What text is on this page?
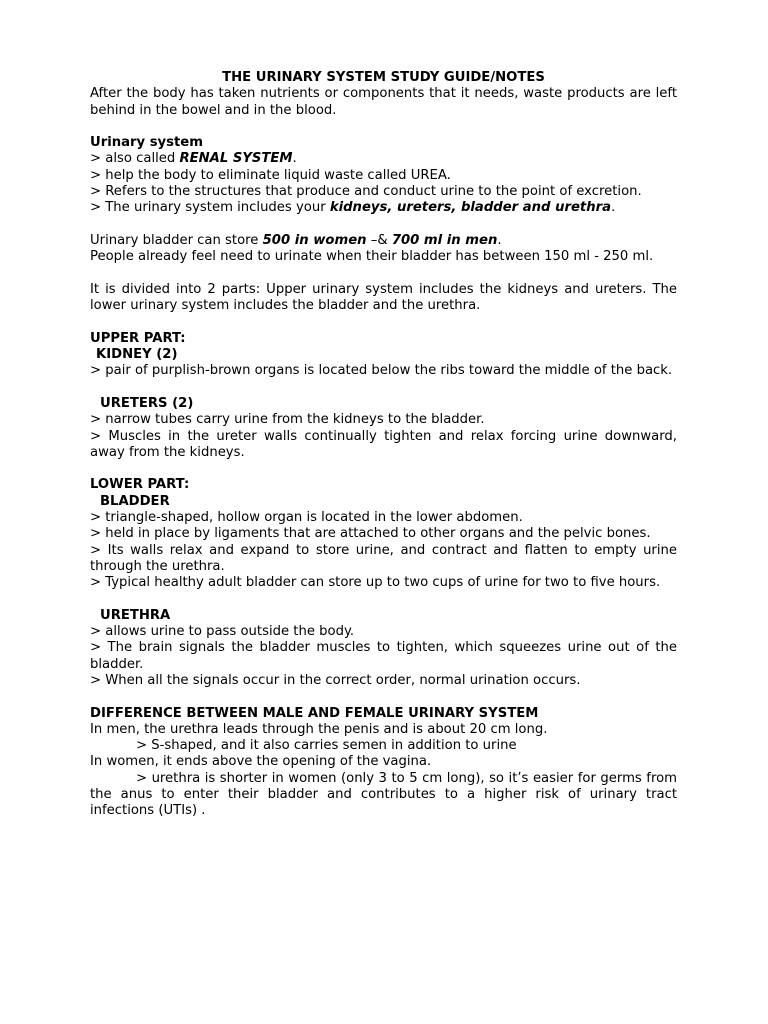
THE URINARY SYSTEM STUDY GUIDE/NOTES

After the body has taken nutrients or components that it needs, waste products are left behind in the bowel and in the blood.

Urinary system

> also called RENAL SYSTEM.

> help the body to eliminate liquid waste called UREA.

> Refers to the structures that produce and conduct urine to the point of excretion.

> The urinary system includes your kidneys, ureters, bladder and urethra.

Urinary bladder can store 500 in women –& 700 ml in men.

People already feel need to urinate when their bladder has between 150 ml - 250 ml.

It is divided into 2 parts: Upper urinary system includes the kidneys and ureters. The lower urinary system includes the bladder and the urethra.

UPPER PART:

KIDNEY (2)

> pair of purplish-brown organs is located below the ribs toward the middle of the back.

URETERS (2)

> narrow tubes carry urine from the kidneys to the bladder.

> Muscles in the ureter walls continually tighten and relax forcing urine downward, away from the kidneys.

LOWER PART:

BLADDER

> triangle-shaped, hollow organ is located in the lower abdomen.

> held in place by ligaments that are attached to other organs and the pelvic bones.

> Its walls relax and expand to store urine, and contract and flatten to empty urine through the urethra.

> Typical healthy adult bladder can store up to two cups of urine for two to five hours.

URETHRA

> allows urine to pass outside the body.

> The brain signals the bladder muscles to tighten, which squeezes urine out of the bladder.

> When all the signals occur in the correct order, normal urination occurs.

DIFFERENCE BETWEEN MALE AND FEMALE URINARY SYSTEM

In men, the urethra leads through the penis and is about 20 cm long.

> S-shaped, and it also carries semen in addition to urine

In women, it ends above the opening of the vagina.

> urethra is shorter in women (only 3 to 5 cm long), so it’s easier for germs from the anus to enter their bladder and contributes to a higher risk of urinary tract infections (UTIs) .
